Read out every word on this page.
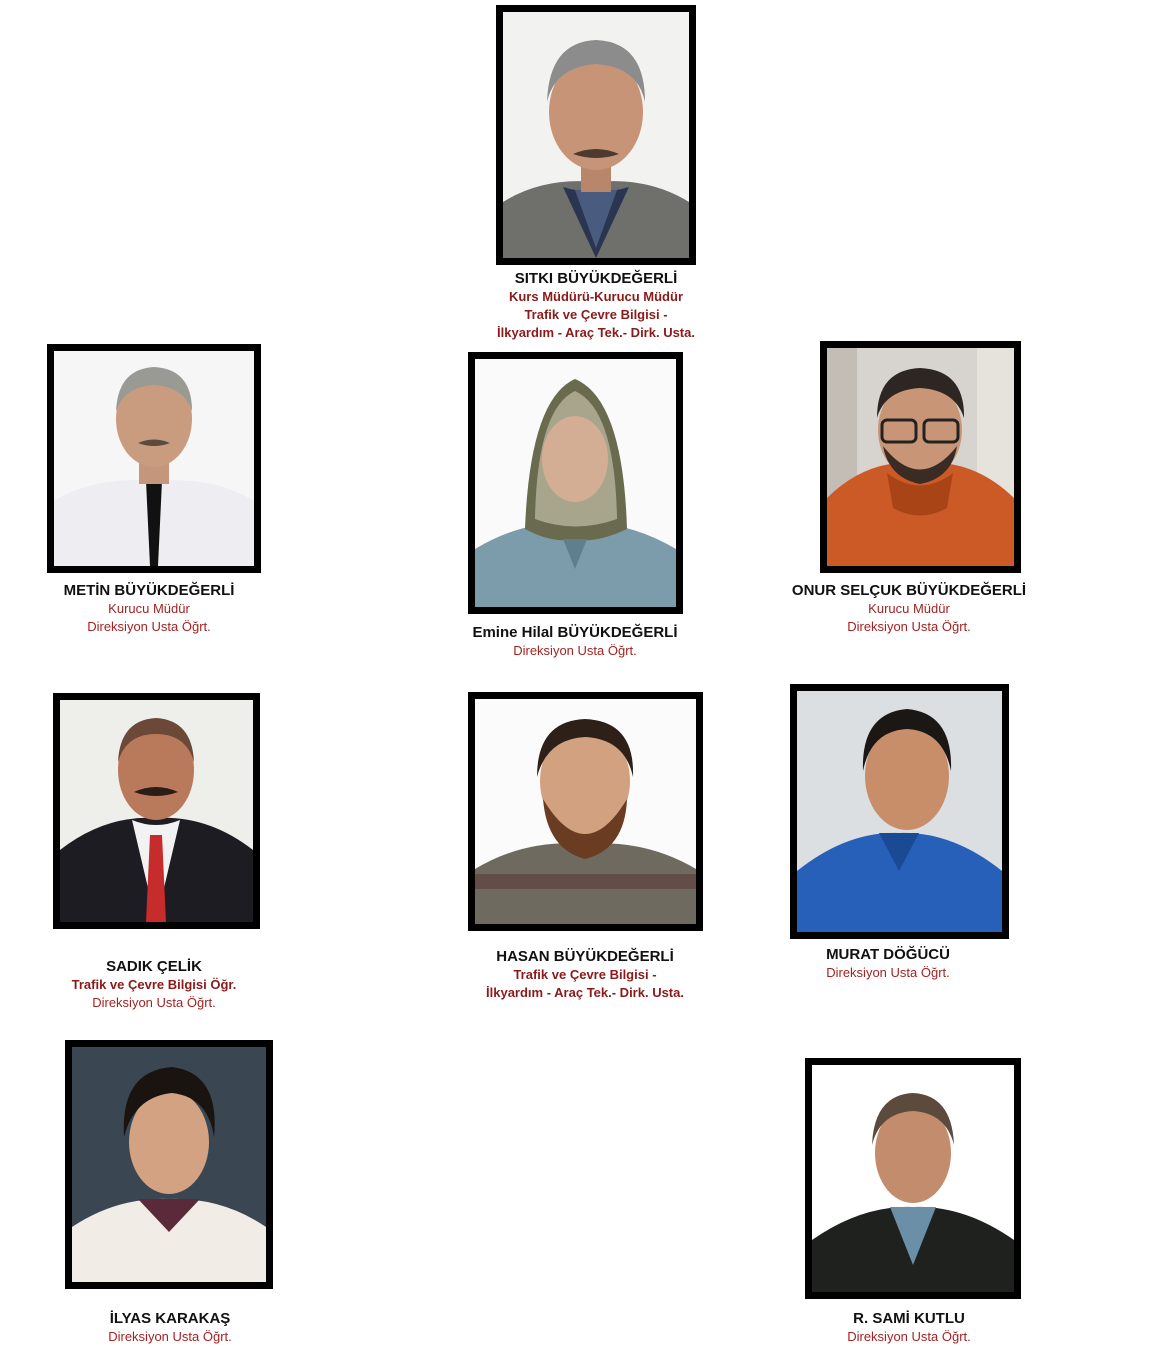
SITKI BÜYÜKDEĞERLİ
Kurs Müdürü-Kurucu Müdür
Trafik ve Çevre Bilgisi -
İlkyardım - Araç Tek.- Dirk. Usta.
METİN BÜYÜKDEĞERLİ
Kurucu Müdür
Direksiyon Usta Öğrt.	Emine Hilal BÜYÜKDEĞERLİ
Direksiyon Usta Öğrt.
ONUR SELÇUK BÜYÜKDEĞERLİ
Kurucu Müdür
Direksiyon Usta Öğrt.
SADIK ÇELİK
Trafik ve Çevre Bilgisi Öğr.
Direksiyon Usta Öğrt.
HASAN BÜYÜKDEĞERLİ
Trafik ve Çevre Bilgisi -
İlkyardım - Araç Tek.- Dirk. Usta.
MURAT DÖĞÜCÜ
Direksiyon Usta Öğrt.
İLYAS KARAKAŞ
Direksiyon Usta Öğrt.
R. SAMİ KUTLU
Direksiyon Usta Öğrt.
